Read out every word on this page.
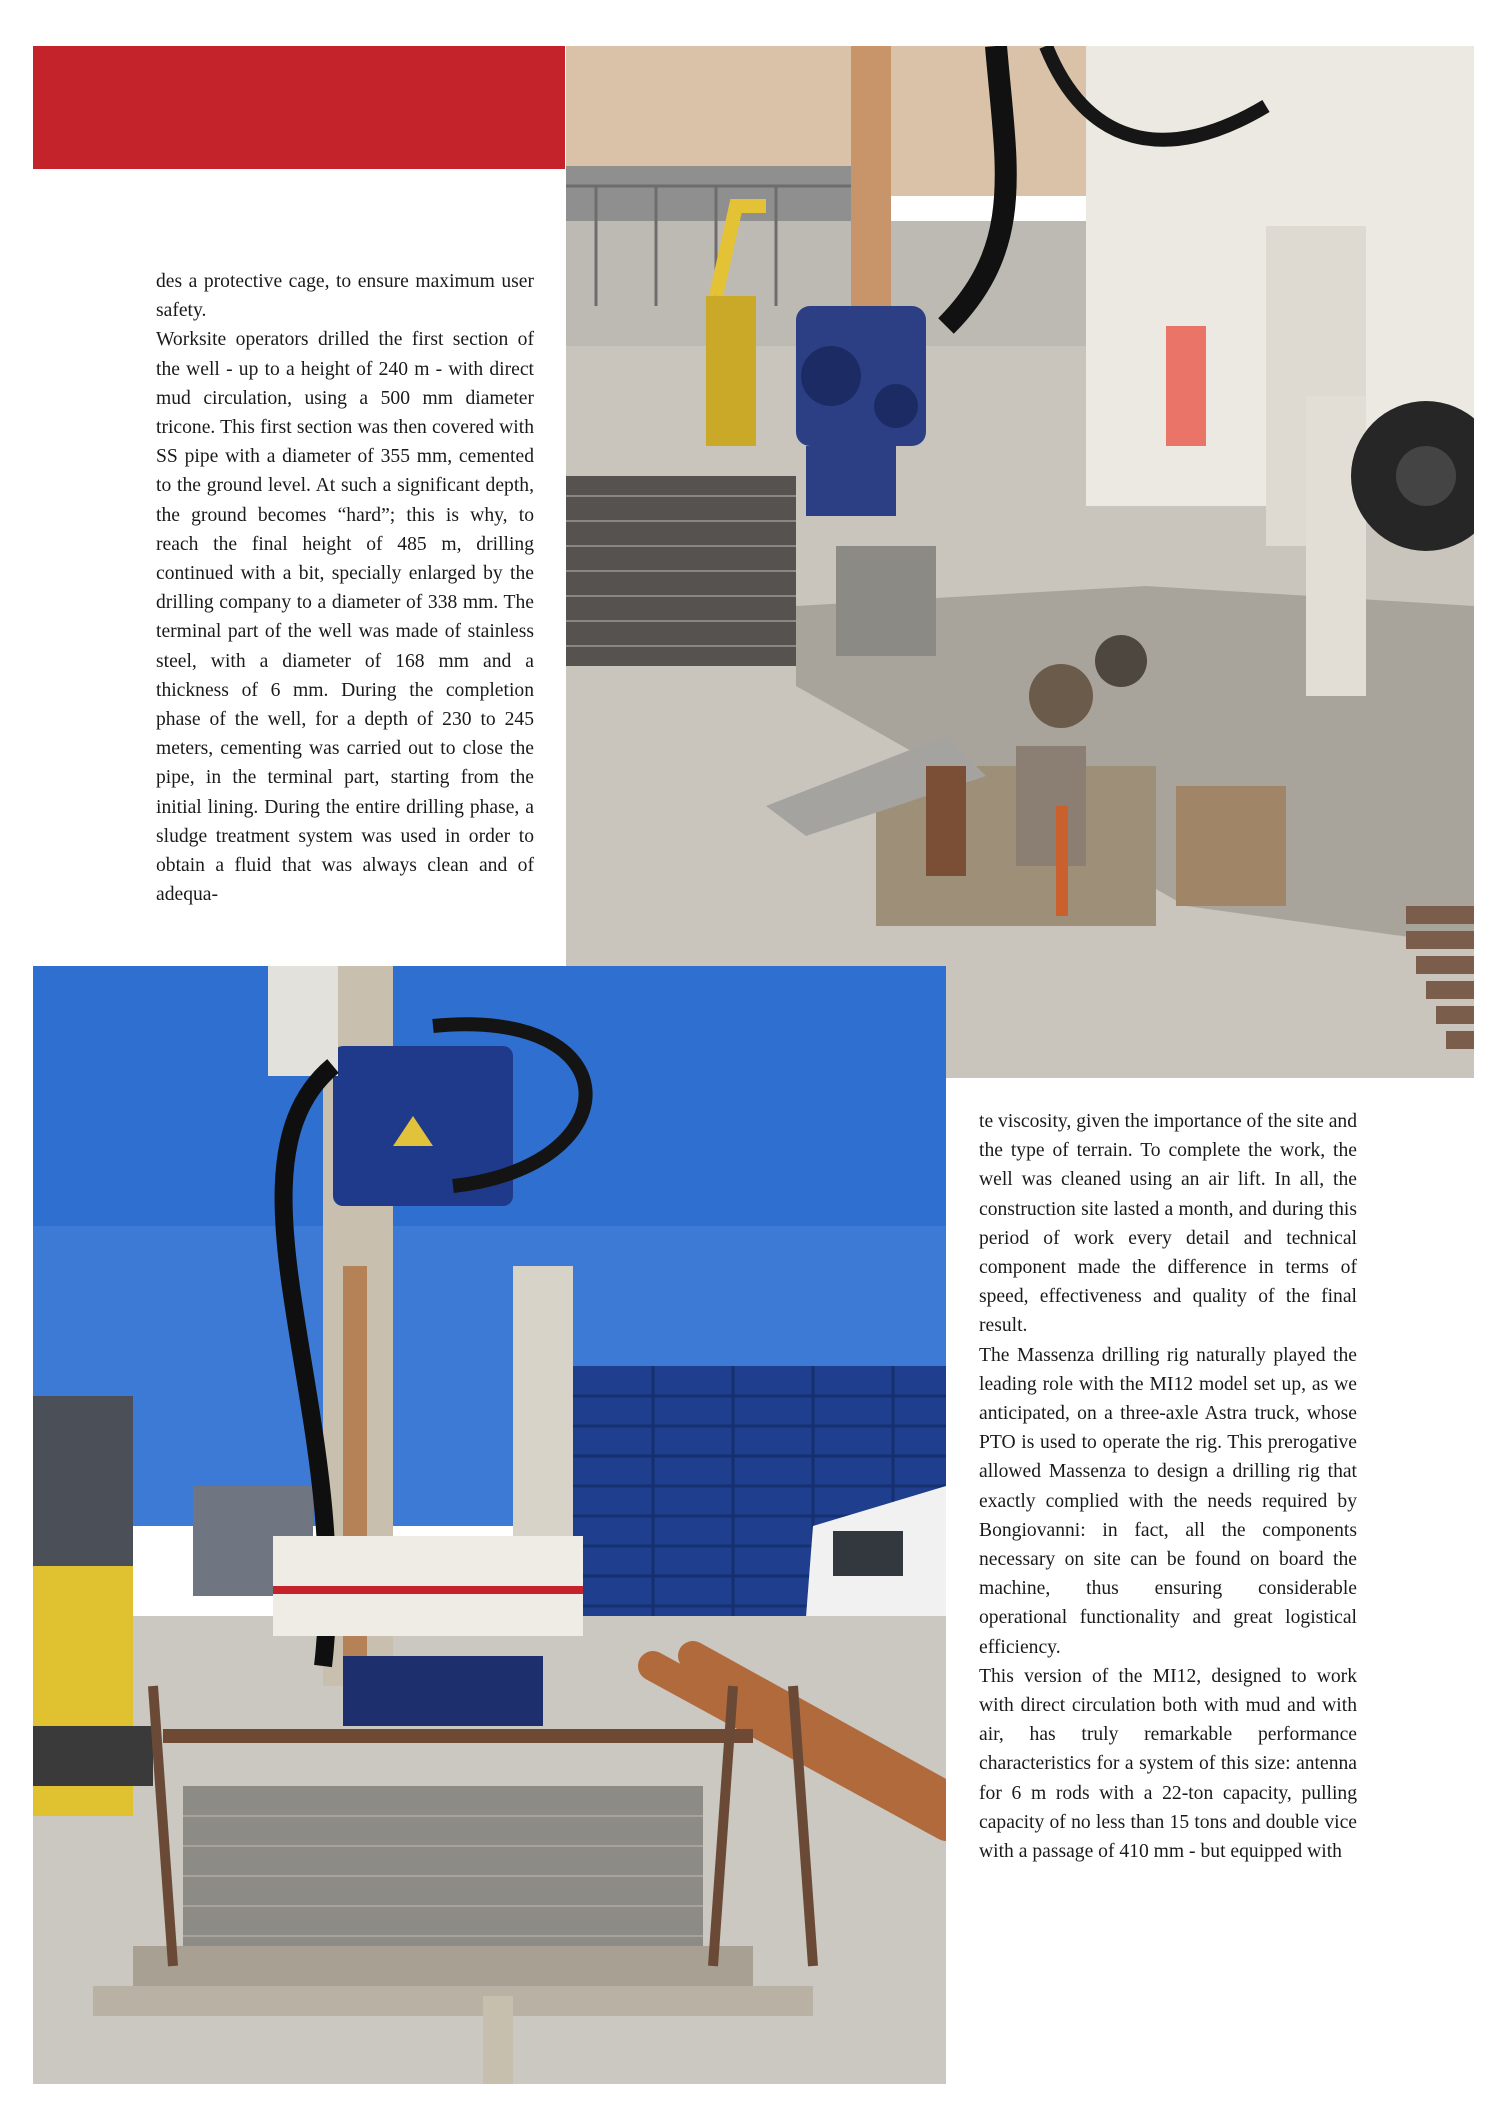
des a protective cage, to ensure maximum user safety.

Worksite operators drilled the first section of the well - up to a height of 240 m - with direct mud circulation, using a 500 mm diameter tricone. This first section was then covered with SS pipe with a diameter of 355 mm, cemented to the ground level. At such a significant depth, the ground becomes “hard”; this is why, to reach the final height of 485 m, drilling continued with a bit, specially enlarged by the drilling company to a diameter of 338 mm. The terminal part of the well was made of stainless steel, with a diameter of 168 mm and a thickness of 6 mm. During the completion phase of the well, for a depth of 230 to 245 meters, cementing was carried out to close the pipe, in the terminal part, starting from the initial lining. During the entire drilling phase, a sludge treatment system was used in order to obtain a fluid that was always clean and of adequa-

te viscosity, given the importance of the site and the type of terrain. To complete the work, the well was cleaned using an air lift. In all, the construction site lasted a month, and during this period of work every detail and technical component made the difference in terms of speed, effectiveness and quality of the final result.

The Massenza drilling rig naturally played the leading role with the MI12 model set up, as we anticipated, on a three-axle Astra truck, whose PTO is used to operate the rig. This prerogative allowed Massenza to design a drilling rig that exactly complied with the needs required by Bongiovanni: in fact, all the components necessary on site can be found on board the machine, thus ensuring considerable operational functionality and great logistical efficiency.

This version of the MI12, designed to work with direct circulation both with mud and with air, has truly remarkable performance characteristics for a system of this size: antenna for 6 m rods with a 22-ton capacity, pulling capacity of no less than 15 tons and double vice with a passage of 410 mm - but equipped with
